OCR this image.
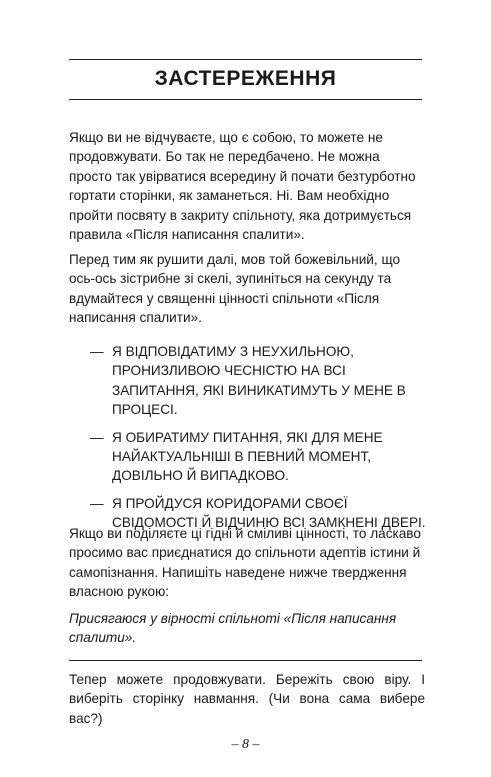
ЗАСТЕРЕЖЕННЯ
Якщо ви не відчуваєте, що є собою, то можете не продовжувати. Бо так не передбачено. Не можна просто так увірватися всередину й почати безтурботно гортати сторінки, як заманеться. Ні. Вам необхідно пройти посвяту в закриту спільноту, яка дотримується правила «Після написання спалити».
Перед тим як рушити далі, мов той божевільний, що ось-ось зістрибне зі скелі, зупиніться на секунду та вдумайтеся у священні цінності спільноти «Після написання спалити».
— Я ВІДПОВІДАТИМУ З НЕУХИЛЬНОЮ, ПРОНИЗЛИВОЮ ЧЕСНІСТЮ НА ВСІ ЗАПИТАННЯ, ЯКІ ВИНИКАТИМУТЬ У МЕНЕ В ПРОЦЕСІ.
— Я ОБИРАТИМУ ПИТАННЯ, ЯКІ ДЛЯ МЕНЕ НАЙАКТУАЛЬНІШІ В ПЕВНИЙ МОМЕНТ, ДОВІЛЬНО Й ВИПАДКОВО.
— Я ПРОЙДУСЯ КОРИДОРАМИ СВОЄЇ СВІДОМОСТІ Й ВІДЧИНЮ ВСІ ЗАМКНЕНІ ДВЕРІ.
Якщо ви поділяєте ці гідні й сміливі цінності, то ласкаво просимо вас приєднатися до спільноти адептів істини й самопізнання. Напишіть наведене нижче твердження власною рукою:
Присягаюся у вірності спільноті «Після написання спалити».
Тепер можете продовжувати. Бережіть свою віру. І виберіть сторінку навмання. (Чи вона сама вибере вас?)
– 8 –
